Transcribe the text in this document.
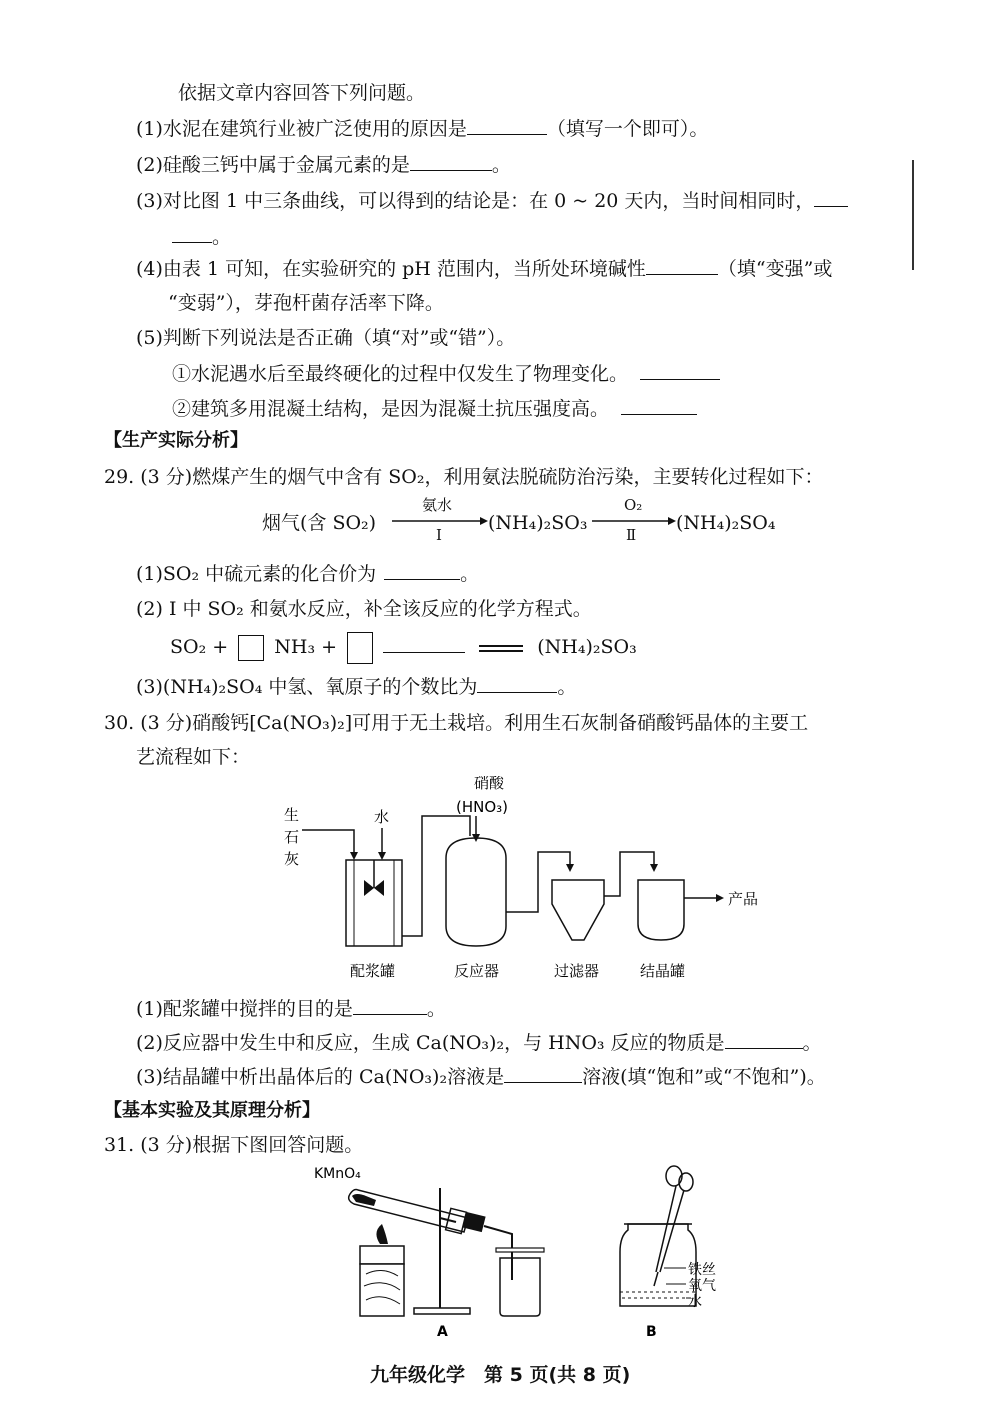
依据文章内容回答下列问题。
(1)水泥在建筑行业被广泛使用的原因是	（填写一个即可）。
(2)硅酸三钙中属于金属元素的是	。
(3)对比图 1 中三条曲线，可以得到的结论是：在 0 ~ 20 天内，当时间相同时，
。
(4)由表 1 可知，在实验研究的 pH 范围内，当所处环境碱性	（填“变强”或
“变弱”），芽孢杆菌存活率下降。
(5)判断下列说法是否正确（填“对”或“错”）。
①水泥遇水后至最终硬化的过程中仅发生了物理变化。
②建筑多用混凝土结构，是因为混凝土抗压强度高。
【生产实际分析】
29. (3 分)燃煤产生的烟气中含有 SO₂，利用氨法脱硫防治污染，主要转化过程如下：
烟气(含 SO₂)
氨水
Ⅰ
(NH₄)₂SO₃
O₂
Ⅱ
(NH₄)₂SO₄
(1)SO₂ 中硫元素的化合价为	。
(2) Ⅰ 中 SO₂ 和氨水反应，补全该反应的化学方程式。
SO₂ + NH₃ +	(NH₄)₂SO₃
(3)(NH₄)₂SO₄ 中氢、氧原子的个数比为	。
30. (3 分)硝酸钙[Ca(NO₃)₂]可用于无土栽培。利用生石灰制备硝酸钙晶体的主要工
艺流程如下：
生
石
灰
水
硝酸
(HNO₃)
产品
配浆罐	反应器	过滤器	结晶罐
(1)配浆罐中搅拌的目的是	。
(2)反应器中发生中和反应，生成 Ca(NO₃)₂，与 HNO₃ 反应的物质是	。
(3)结晶罐中析出晶体后的 Ca(NO₃)₂溶液是	溶液(填“饱和”或“不饱和”)。
【基本实验及其原理分析】
31. (3 分)根据下图回答问题。
KMnO₄
A
铁丝
氧气
水
B
九年级化学　第 5 页(共 8 页)
